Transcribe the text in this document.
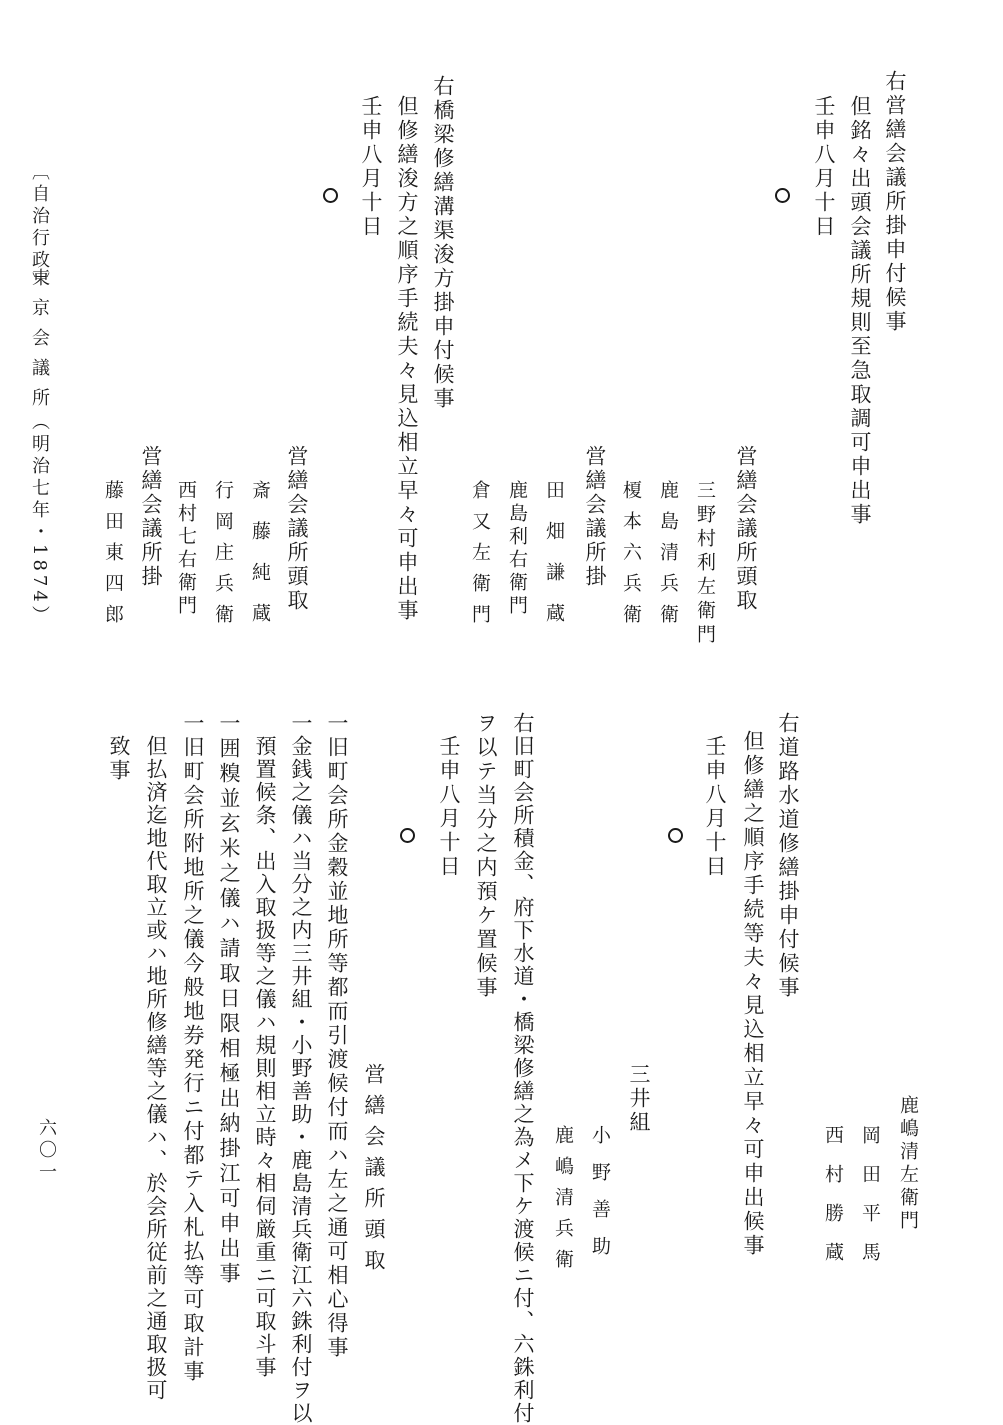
右営繕会議所掛申付候事
但銘々出頭会議所規則至急取調可申出事
壬申八月十日
営繕会議所頭取
三野村利左衛門
鹿島清兵衛
榎本六兵衛
営繕会議所掛
田畑謙蔵
鹿島利右衛門
倉又左衛門
右橋梁修繕溝渠浚方掛申付候事
但修繕浚方之順序手続夫々見込相立早々可申出事
壬申八月十日
営繕会議所頭取
斎藤純蔵
行岡庄兵衛
西村七右衛門
営繕会議所掛
藤田東四郎
鹿嶋清左衛門
岡田平馬
西村勝蔵
右道路水道修繕掛申付候事
但修繕之順序手続等夫々見込相立早々可申出候事
壬申八月十日
三井組
小野善助
鹿嶋清兵衛
右旧町会所積金、府下水道・橋梁修繕之為メ下ケ渡候ニ付、六銖利付
ヲ以テ当分之内預ケ置候事
壬申八月十日
営繕会議所頭取
一旧町会所金穀並地所等都而引渡候付而ハ左之通可相心得事
一金銭之儀ハ当分之内三井組・小野善助・鹿島清兵衛江六銖利付ヲ以
預置候条、出入取扱等之儀ハ規則相立時々相伺厳重ニ可取斗事
一囲糗並玄米之儀ハ請取日限相極出納掛江可申出事
一旧町会所附地所之儀今般地券発行ニ付都テ入札払等可取計事
但払済迄地代取立或ハ地所修繕等之儀ハ、於会所従前之通取扱可
致事
〔自治行政〕
東京会議所
（明治七年・1874）
六〇一
